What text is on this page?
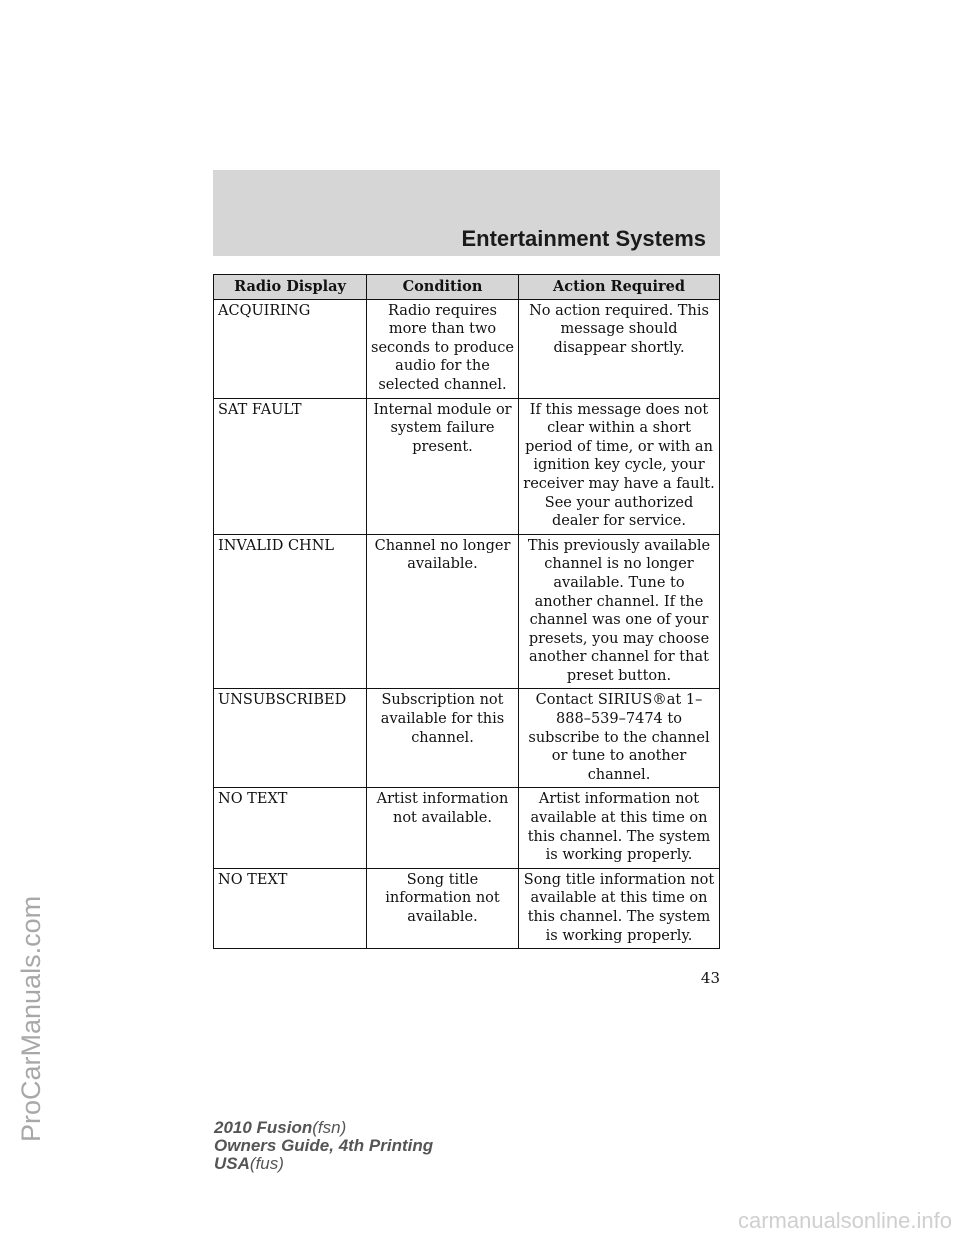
ProCarManuals.com
Entertainment Systems
Radio Display	Condition	Action Required
ACQUIRING	Radio requires more than two seconds to produce audio for the selected channel.	No action required. This message should disappear shortly.
SAT FAULT	Internal module or system failure present.	If this message does not clear within a short period of time, or with an ignition key cycle, your receiver may have a fault. See your authorized dealer for service.
INVALID CHNL	Channel no longer available.	This previously available channel is no longer available. Tune to another channel. If the channel was one of your presets, you may choose another channel for that preset button.
UNSUBSCRIBED	Subscription not available for this channel.	Contact SIRIUS®at 1–888–539–7474 to subscribe to the channel or tune to another channel.
NO TEXT	Artist information not available.	Artist information not available at this time on this channel. The system is working properly.
NO TEXT	Song title information not available.	Song title information not available at this time on this channel. The system is working properly.
43
2010 Fusion(fsn)
Owners Guide, 4th Printing
USA(fus)
carmanualsonline.info
